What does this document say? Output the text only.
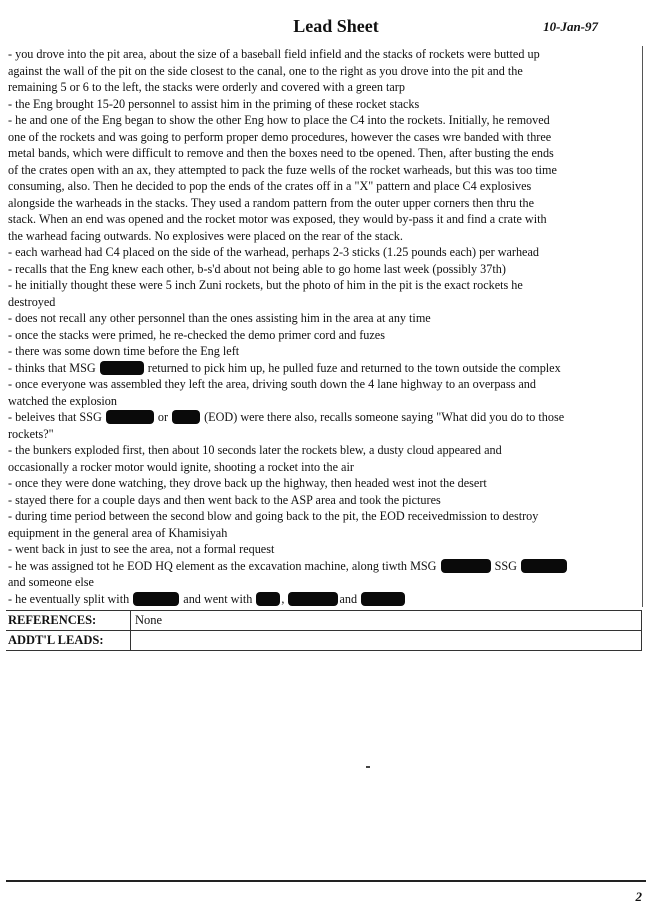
Lead Sheet	10-Jan-97
- you drove into the pit area, about the size of a baseball field infield and the stacks of rockets were butted up
against the wall of the pit on the side closest to the canal, one to the right as you drove into the pit and the
remaining 5 or 6 to the left, the stacks were orderly and covered with a green tarp
- the Eng brought 15-20 personnel to assist him in the priming of these rocket stacks
- he and one of the Eng began to show the other Eng how to place the C4 into the rockets. Initially, he removed
one of the rockets and was going to perform proper demo procedures, however the cases wre banded with three
metal bands, which were difficult to remove and then the boxes need to tbe opened. Then, after busting the ends
of the crates open with an ax, they attempted to pack the fuze wells of the rocket warheads, but this was too time
consuming, also. Then he decided to pop the ends of the crates off in a "X" pattern and place C4 explosives
alongside the warheads in the stacks. They used a random pattern from the outer upper corners then thru the
stack. When an end was opened and the rocket motor was exposed, they would by-pass it and find a crate with
the warhead facing outwards. No explosives were placed on the rear of the stack.
- each warhead had C4 placed on the side of the warhead, perhaps 2-3 sticks (1.25 pounds each) per warhead
- recalls that the Eng knew each other, b-s'd about not being able to go home last week (possibly 37th)
- he initially thought these were 5 inch Zuni rockets, but the photo of him in the pit is the exact rockets he
destroyed
- does not recall any other personnel than the ones assisting him in the area at any time
- once the stacks were primed, he re-checked the demo primer cord and fuzes
- there was some down time before the Eng left
- thinks that MSG	returned to pick him up, he pulled fuze and returned to the town outside the complex
- once everyone was assembled they left the area, driving south down the 4 lane highway to an overpass and
watched the explosion
- beleives that SSG	or	(EOD) were there also, recalls someone saying "What did you do to those
rockets?"
- the bunkers exploded first, then about 10 seconds later the rockets blew, a dusty cloud appeared and
occasionally a rocker motor would ignite, shooting a rocket into the air
- once they were done watching, they drove back up the highway, then headed west inot the desert
- stayed there for a couple days and then went back to the ASP area and took the pictures
- during time period between the second blow and going back to the pit, the EOD receivedmission to destroy
equipment in the general area of Khamisiyah
- went back in just to see the area, not a formal request
- he was assigned tot he EOD HQ element as the excavation machine, along tiwth MSG	SSG
and someone else
- he eventually split with	and went with ,	and
REFERENCES:	None
ADDT'L LEADS:
2
